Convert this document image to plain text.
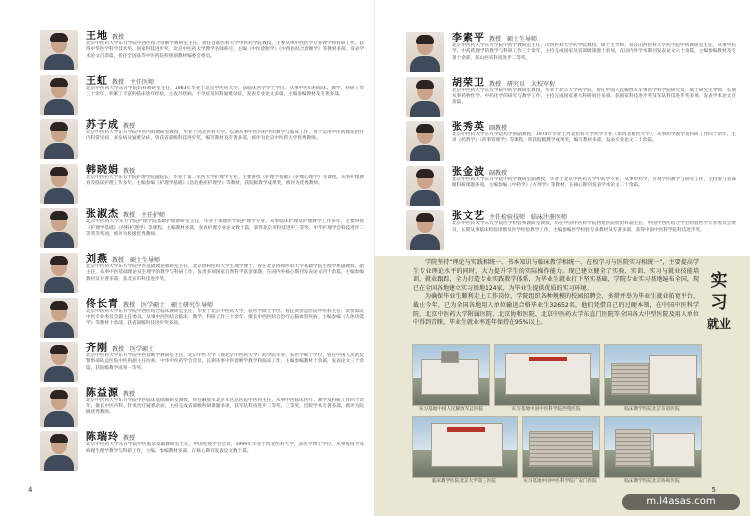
王地 教授
北京中医药大学东方学院中西医结合诊断学教研室主任，曾任首都医科大学中医药学院教授，主要从事中西医学专业教学和科研工作。获得中华医学科学技术奖、国家科技进步奖，北京中医药大学教学名师称号。主编《中医诊断学》《中西医结合诊断学》等教材多部，发表学术论文百余篇，担任全国高等中医药院校规划教材编委会委员。
王虹 教授　主任医师
北京中医药大学东方学院妇科教研室主任，1983年毕业于北京中医药大学，获临床医学学士学位。从事中医妇科临床、教学、科研工作三十余年，积累了丰富的临床诊疗经验，主攻月经病、不孕症及妇科疑难杂症，发表专业论文多篇，主编参编教材及专著多部。
苏子成 教授
北京中医药大学东方学院中医内科教研室教授，毕业于河北医科大学。长期从事中医内科学的教学与临床工作，善于运用中医药理论治疗内科常见病、多发病及疑难杂症，曾获省部级科技进步奖，编写教材及专著多部，被评为北京中医药大学优秀教师。
韩晓娟 教授
北京中医药大学东方学院护理学院副院长，毕业于第二军医大学护理学专业。主要讲授《护理学基础》《护理心理学》等课程。从事护理教育及临床护理工作多年，主编参编《护理学基础》《急危重症护理学》等教材，获院级教学成果奖，被评为优秀教师。
张淑杰 教授　主任护师
北京中医药大学东方学院护理学院基础护理教研室主任，毕业于承德医学院护理学专业。从事临床护理及护理教学工作多年，主要讲授《护理学基础》《内科护理学》等课程，主编教材多部，发表护理专业论文数十篇，获得北京市科技进步三等奖、中华护理学会科技进步二等奖等奖项，被评为校级优秀教师。
刘燕 教授　硕士生导师
北京中医药大学东方学院中医基础理论教研室主任，北京协和医科大学生理学博士，曾任北京协和医科大学基础学院生理学系副教授、副主任，从事中医基础理论及生理学的教学与科研工作，负责多项国家自然科学基金课题，在国内外核心期刊发表论文四十余篇，主编参编教材及专著多部，获北京市科技进步奖。
佟长青 教授　医学硕士　硕士研究生导师
北京中医药大学东方学院中西医结合临床教研室主任，毕业于北京中医药大学，获医学硕士学位。曾任武警总医院中医科主任、武警部队中医专业委员会副主任委员。从事中西医结合临床、教学、科研工作三十余年，擅长中西医结合治疗心脑血管疾病，主编参编《人体功能学》等教材十余部，获省部级科技进步奖多项。
齐刚 教授　医学硕士
北京中医药大学东方学院中医诊断学教研室主任，北京中医大学（现北京中医药大学）药学院毕业，获医学硕士学位，曾任中国人民武装警察部队总医院中医科副主任医师、中华中医药学会会员，长期从事中医诊断学教学和临床工作，主编参编教材十余部，发表论文三十余篇，获院级教学成果一等奖。
陈益源 教授
北京中医药大学东方学院中医临床基础教研室教授，曾任解放军北京军区总医院中医科主任，从事中医临床医疗、教学及科研工作四十余年，擅长中医内科、针灸治疗疑难杂症，主持完成省部级科研课题多项，获军队科技进步二等奖、三等奖，出版学术专著多部，被评为院级优秀教师。
陈瑞玲 教授
北京中医药大学东方学院中医临床基础教研室主任，中国免疫学会会员，1999年毕业于河北医科大学，获医学博士学位，从事免疫学及病理生理学教学与科研工作，主编、参编教材多部，在核心期刊发表论文数十篇。
李素平 教授　硕士生导师
北京中医药大学东方学院中药学教研室主任，山西医科大学药学院教授、硕士生导师。曾任山西医科大学药学院中药教研室主任，从事中药学、中药药理学的教学与科研工作三十余年，主持完成国家及省部级课题十余项，在国内外学术期刊发表论文六十余篇，主编参编教材及专著十余部，获山西省科技进步二等奖。
胡荣卫 教授　研究员　大校军衔
北京中医药大学东方学院中药学教研室教授，毕业于北京大学药学院。曾任中国人民解放军军事医学科学院研究员、硕士研究生导师，长期从事药物化学、中药化学的研究与教学工作，主持完成国家重大科研项目多项，获国家科技进步奖及军队科技进步奖多项，发表学术论文百余篇。
张秀英 副教授
北京中医药大学东方学院药学系副教授，1975年毕业于河北医科大学药学专业（原河北新医大学），从事药学教学及科研工作四十余年，主讲《药剂学》《药事管理学》等课程，曾获院级教学成果奖，编写教材多部，发表专业论文二十余篇。
张金波 副教授
北京中医药大学东方学院中药学教研室副教授，毕业于北京中医药大学中药学专业，从事中药学、方剂学的教学与研究工作，主持参与省部级科研课题多项，主编参编《中药学》《方剂学》等教材，在核心期刊发表学术论文二十余篇。
张文艺 主任检验技师　临床注册医师
北京中医药大学东方学院医学检验系教研室教授，历任中国中医科学院西苑医院检验科副主任、中国中西医结合学会检验医学专业委员会委员，长期从事临床检验诊断及医学检验教学工作，主编参编医学检验专业教材及专著多部，获得中国中医科学院科技进步奖。
4

学院坚持“理论与实践相统一、书本知识与临床教学相统一、在校学习与医院实习相统一”，主要提高学生专业理论水平的同时，大力提升学生的实际操作能力。现已建立健全了实验、实训、实习与就业技能培训、就业跟踪，全力打造专业实践教学体系，为毕业生就业打下坚实基础，学院专业实习基地遍布全国，现已在全国各地建立实习基地124家，为毕业生提供优质的实习环境。

为确保毕业生顺利走上工作岗位，学院组织各种规模的校园招聘会，多措并举为毕业生就业拓宽平台，截止今年，已为全国各地用人单位输送合格毕业生32652名，他们凭借自己的过硬本领，在中国中医科学院、北京中医药大学附属医院、北京协和医院、北京中医药大学东直门医院等全国各大中型医院及用人单位中得到青睐，毕业生就业率连年保持在95%以上。

实习
就业
实习基地中国人民解放军总医院	实习基地中国中医科学院西苑医院	临床教学医院北京友谊医院
临床教学医院北京大学第三医院	实习基地中国中医科学院广安门医院	临床教学医院北京协和医院
5
m.l4asas.com
